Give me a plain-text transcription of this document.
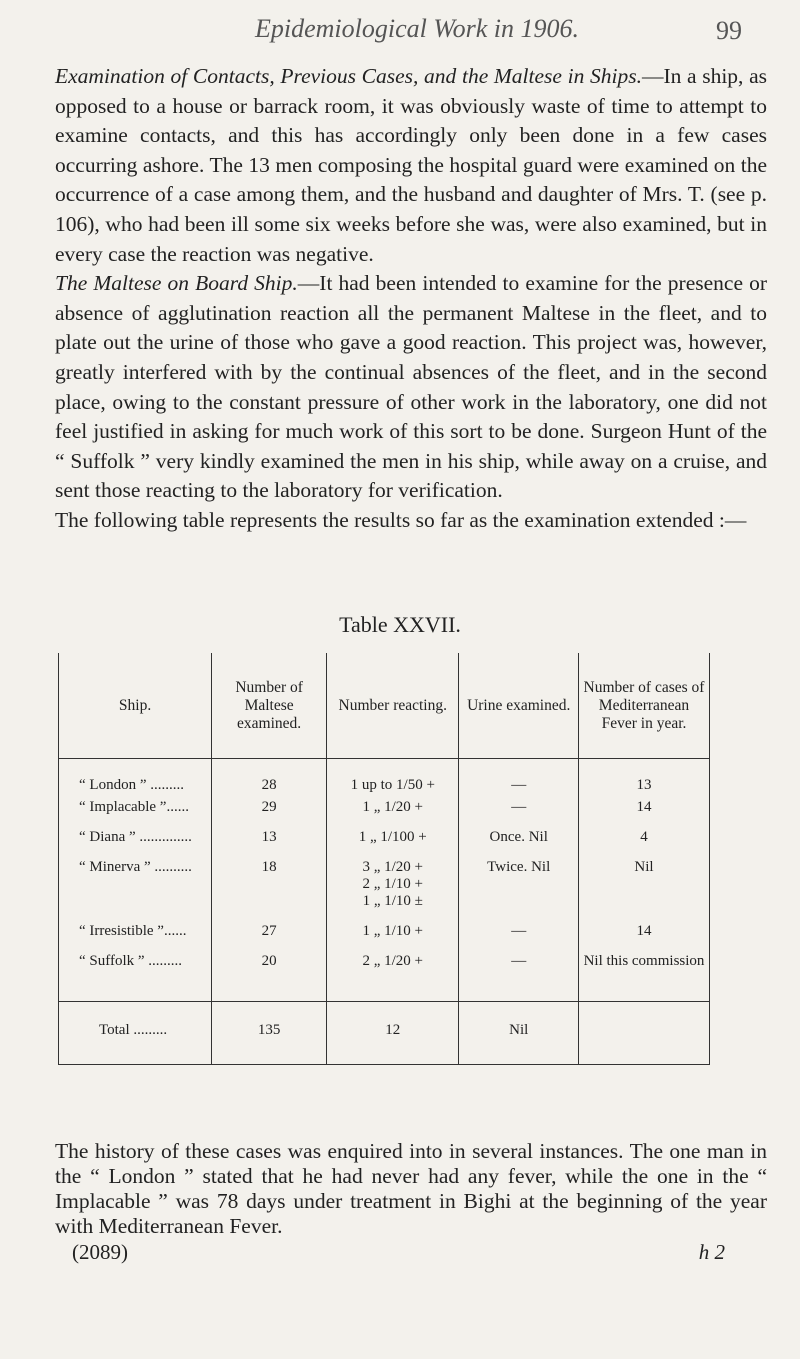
Epidemiological Work in 1906.	99

Examination of Contacts, Previous Cases, and the Maltese in Ships.—In a ship, as opposed to a house or barrack room, it was obviously waste of time to attempt to examine contacts, and this has accordingly only been done in a few cases occurring ashore. The 13 men composing the hospital guard were examined on the occurrence of a case among them, and the husband and daughter of Mrs. T. (see p. 106), who had been ill some six weeks before she was, were also examined, but in every case the reaction was negative.

The Maltese on Board Ship.—It had been intended to examine for the presence or absence of agglutination reaction all the permanent Maltese in the fleet, and to plate out the urine of those who gave a good reaction. This project was, however, greatly interfered with by the continual absences of the fleet, and in the second place, owing to the constant pressure of other work in the laboratory, one did not feel justified in asking for much work of this sort to be done. Surgeon Hunt of the “ Suffolk ” very kindly examined the men in his ship, while away on a cruise, and sent those reacting to the laboratory for verification.

The following table represents the results so far as the examination extended :—

Table XXVII.
Ship.	Number of Maltese examined.	Number reacting.	Urine examined.	Number of cases of Mediterranean Fever in year.
“ London ” .........	28	1 up to 1/50 +	—	13
“ Implacable ”......	29	1 „ 1/20 +	—	14
“ Diana ” ..............	13	1 „ 1/100 +	Once. Nil	4
“ Minerva ” ..........	18	3 „ 1/20 +
2 „ 1/10 +
1 „ 1/10 ±	Twice. Nil	Nil
“ Irresistible ”......	27	1 „ 1/10 +	—	14
“ Suffolk ” .........	20	2 „ 1/20 +	—	Nil this commission
Total .........	135	12	Nil	

The history of these cases was enquired into in several instances. The one man in the “ London ” stated that he had never had any fever, while the one in the “ Implacable ” was 78 days under treatment in Bighi at the beginning of the year with Mediterranean Fever.

(2089)	h 2
